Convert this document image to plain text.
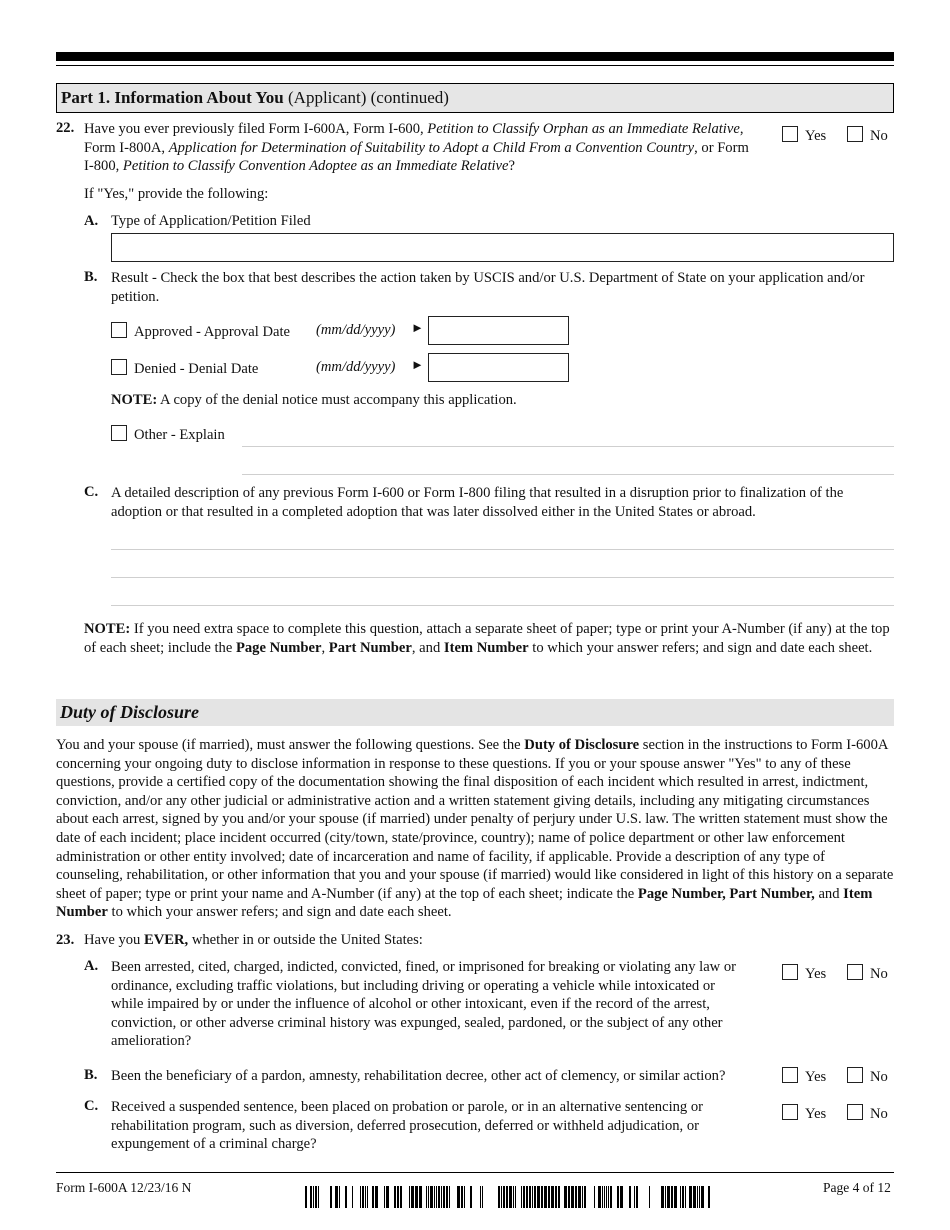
Part 1. Information About You (Applicant) (continued)
22. Have you ever previously filed Form I-600A, Form I-600, Petition to Classify Orphan as an Immediate Relative, Form I-800A, Application for Determination of Suitability to Adopt a Child From a Convention Country, or Form I-800, Petition to Classify Convention Adoptee as an Immediate Relative?
Yes	No
If "Yes," provide the following:
A. Type of Application/Petition Filed
B. Result - Check the box that best describes the action taken by USCIS and/or U.S. Department of State on your application and/or petition.
Approved - Approval Date (mm/dd/yyyy) ►
Denied - Denial Date	(mm/dd/yyyy) ►
NOTE: A copy of the denial notice must accompany this application.
Other - Explain
C. A detailed description of any previous Form I-600 or Form I-800 filing that resulted in a disruption prior to finalization of the adoption or that resulted in a completed adoption that was later dissolved either in the United States or abroad.
NOTE: If you need extra space to complete this question, attach a separate sheet of paper; type or print your A-Number (if any) at the top of each sheet; include the Page Number, Part Number, and Item Number to which your answer refers; and sign and date each sheet.
Duty of Disclosure
You and your spouse (if married), must answer the following questions. See the Duty of Disclosure section in the instructions to Form I-600A concerning your ongoing duty to disclose information in response to these questions. If you or your spouse answer "Yes" to any of these questions, provide a certified copy of the documentation showing the final disposition of each incident which resulted in arrest, indictment, conviction, and/or any other judicial or administrative action and a written statement giving details, including any mitigating circumstances about each arrest, signed by you and/or your spouse (if married) under penalty of perjury under U.S. law. The written statement must show the date of each incident; place incident occurred (city/town, state/province, country); name of police department or other law enforcement administration or other entity involved; date of incarceration and name of facility, if applicable. Provide a description of any type of counseling, rehabilitation, or other information that you and your spouse (if married) would like considered in light of this history on a separate sheet of paper; type or print your name and A-Number (if any) at the top of each sheet; indicate the Page Number, Part Number, and Item Number to which your answer refers; and sign and date each sheet.
23. Have you EVER, whether in or outside the United States:
A. Been arrested, cited, charged, indicted, convicted, fined, or imprisoned for breaking or violating any law or ordinance, excluding traffic violations, but including driving or operating a vehicle while intoxicated or while impaired by or under the influence of alcohol or other intoxicant, even if the record of the arrest, conviction, or other adverse criminal history was expunged, sealed, pardoned, or the subject of any other amelioration?
Yes	No
B. Been the beneficiary of a pardon, amnesty, rehabilitation decree, other act of clemency, or similar action?	Yes	No
C. Received a suspended sentence, been placed on probation or parole, or in an alternative sentencing or rehabilitation program, such as diversion, deferred prosecution, deferred or withheld adjudication, or expungement of a criminal charge?
Yes	No
Form I-600A 12/23/16 N	Page 4 of 12
